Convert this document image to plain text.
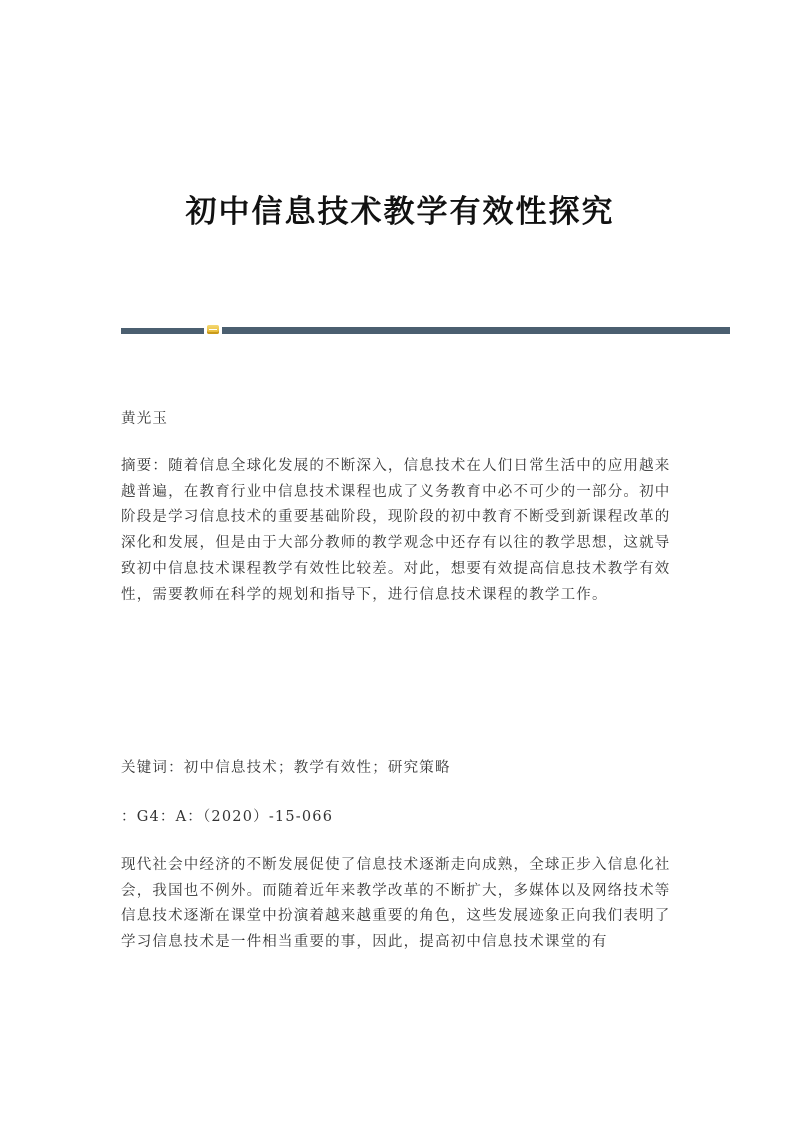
初中信息技术教学有效性探究

黄光玉

摘要：随着信息全球化发展的不断深入，信息技术在人们日常生活中的应用越来越普遍，在教育行业中信息技术课程也成了义务教育中必不可少的一部分。初中阶段是学习信息技术的重要基础阶段，现阶段的初中教育不断受到新课程改革的深化和发展，但是由于大部分教师的教学观念中还存有以往的教学思想，这就导致初中信息技术课程教学有效性比较差。对此，想要有效提高信息技术教学有效性，需要教师在科学的规划和指导下，进行信息技术课程的教学工作。

关键词：初中信息技术；教学有效性；研究策略

：G4：A：（2020）-15-066

现代社会中经济的不断发展促使了信息技术逐渐走向成熟，全球正步入信息化社会，我国也不例外。而随着近年来教学改革的不断扩大，多媒体以及网络技术等信息技术逐渐在课堂中扮演着越来越重要的角色，这些发展迹象正向我们表明了学习信息技术是一件相当重要的事，因此，提高初中信息技术课堂的有
